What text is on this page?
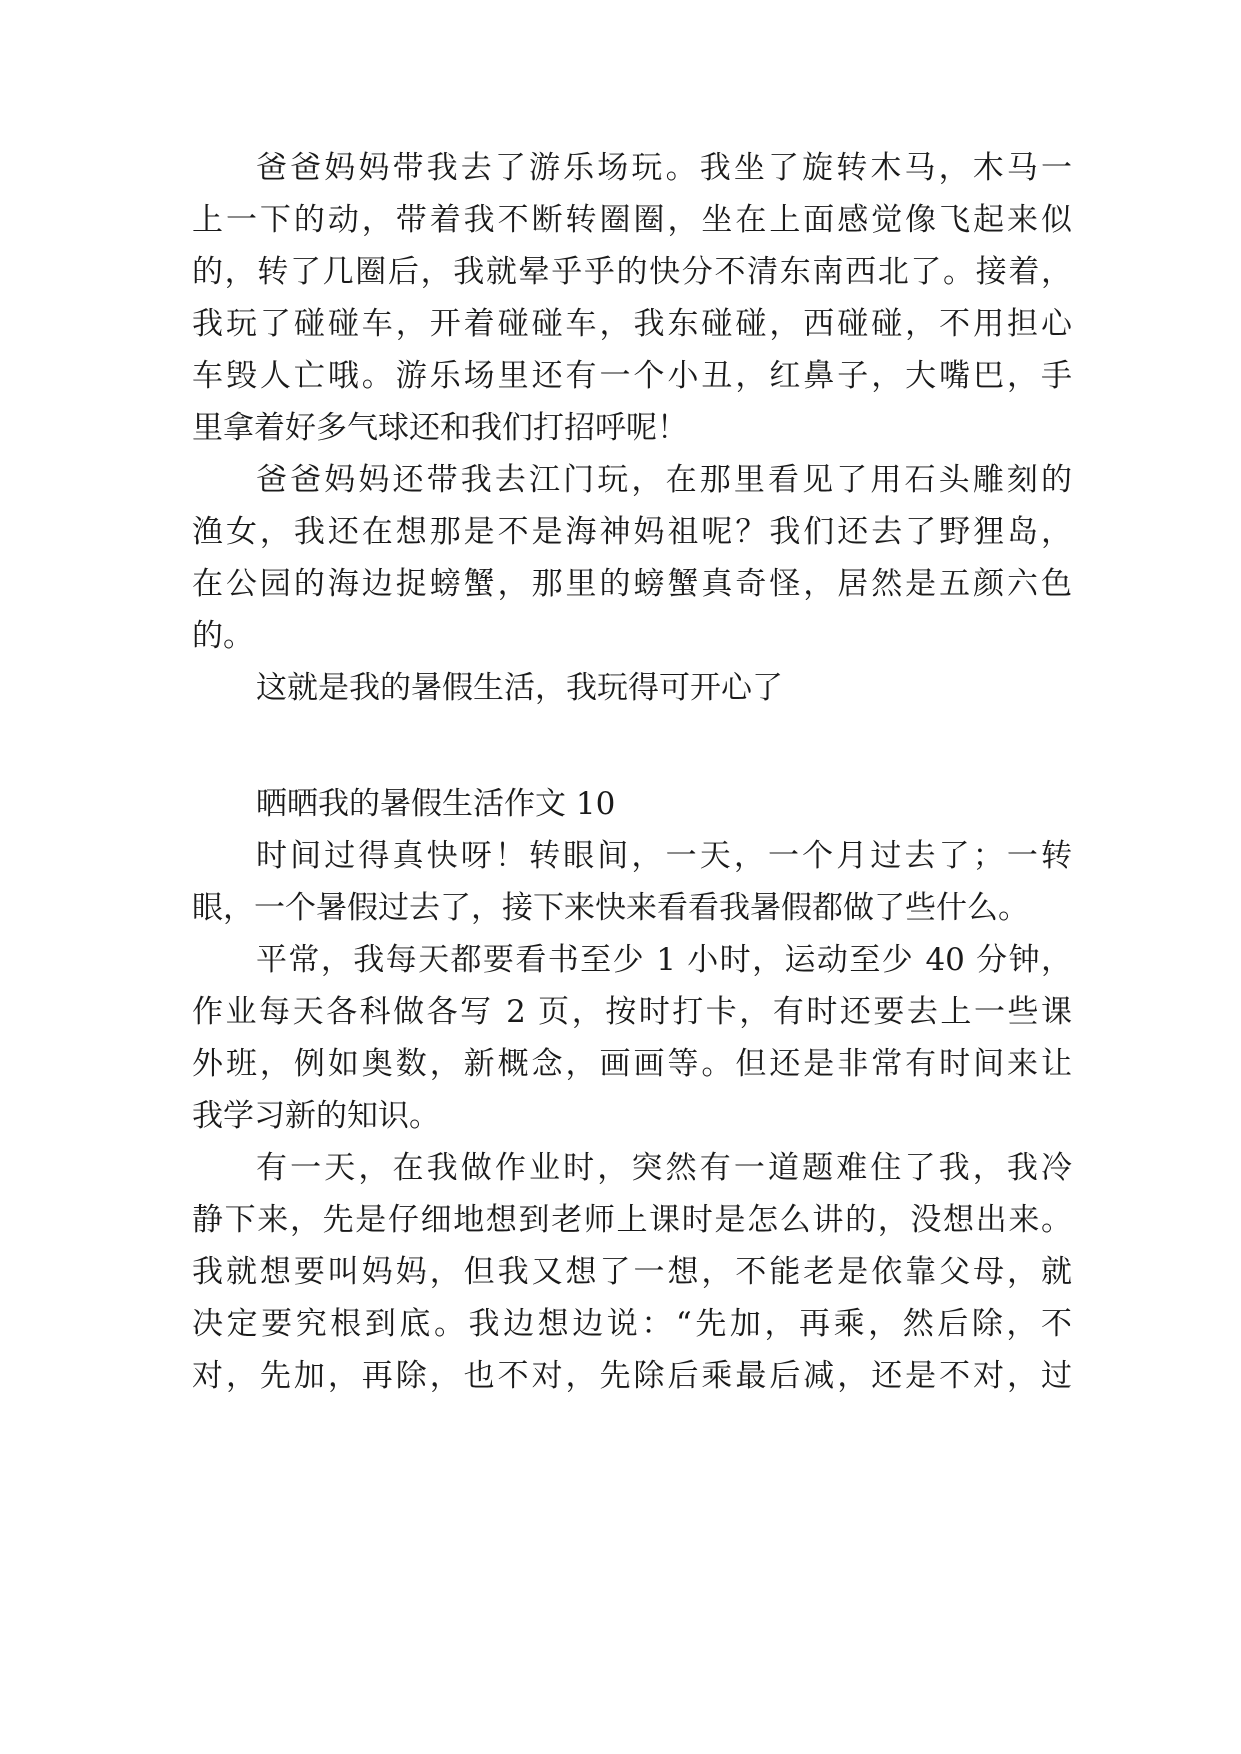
爸爸妈妈带我去了游乐场玩。我坐了旋转木马，木马一
上一下的动，带着我不断转圈圈，坐在上面感觉像飞起来似
的，转了几圈后，我就晕乎乎的快分不清东南西北了。接着，
我玩了碰碰车，开着碰碰车，我东碰碰，西碰碰，不用担心
车毁人亡哦。游乐场里还有一个小丑，红鼻子，大嘴巴，手
里拿着好多气球还和我们打招呼呢！
爸爸妈妈还带我去江门玩，在那里看见了用石头雕刻的
渔女，我还在想那是不是海神妈祖呢？我们还去了野狸岛，
在公园的海边捉螃蟹，那里的螃蟹真奇怪，居然是五颜六色
的。
这就是我的暑假生活，我玩得可开心了
晒晒我的暑假生活作文 10
时间过得真快呀！转眼间，一天，一个月过去了；一转
眼，一个暑假过去了，接下来快来看看我暑假都做了些什么。
平常，我每天都要看书至少 1 小时，运动至少 40 分钟，
作业每天各科做各写 2 页，按时打卡，有时还要去上一些课
外班，例如奥数，新概念，画画等。但还是非常有时间来让
我学习新的知识。
有一天，在我做作业时，突然有一道题难住了我，我冷
静下来，先是仔细地想到老师上课时是怎么讲的，没想出来。
我就想要叫妈妈，但我又想了一想，不能老是依靠父母，就
决定要究根到底。我边想边说：“先加，再乘，然后除，不
对，先加，再除，也不对，先除后乘最后减，还是不对，过
